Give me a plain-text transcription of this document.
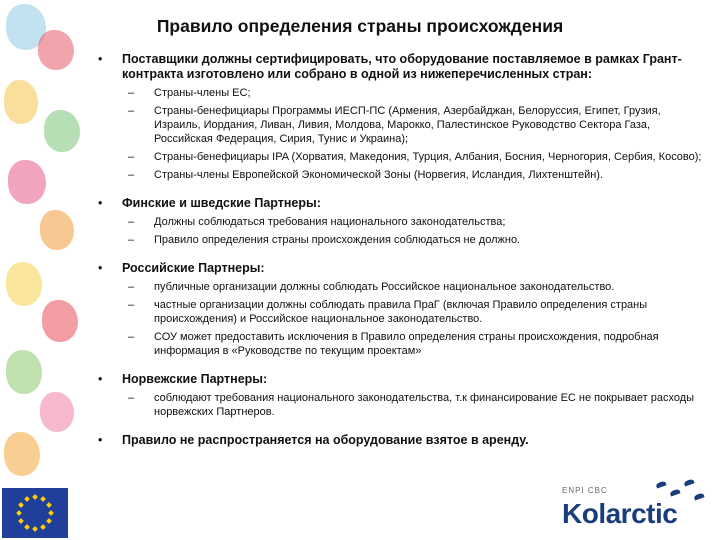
Правило определения страны происхождения
• Поставщики должны сертифицировать, что оборудование поставляемое в рамках Грант-контракта изготовлено или собрано в одной из нижеперечисленных стран:
– Страны-члены ЕС;
– Страны-бенефициары Программы ИЕСП-ПС (Армения, Азербайджан, Белоруссия, Египет, Грузия, Израиль, Иордания, Ливан, Ливия, Молдова, Марокко, Палестинское Руководство Сектора Газа, Российская Федерация, Сирия, Тунис и Украина);
– Страны-бенефициары IPA (Хорватия, Македония, Турция, Албания, Босния, Черногория, Сербия, Косово);
– Страны-члены Европейской Экономической Зоны (Норвегия, Исландия, Лихтенштейн).
• Финские и шведские Партнеры:
– Должны соблюдаться требования национального законодательства;
– Правило определения страны происхождения соблюдаться не должно.
• Российские Партнеры:
– публичные организации должны соблюдать Российское национальное законодательство.
– частные организации должны соблюдать правила ПраГ (включая Правило определения страны происхождения) и Российское национальное законодательство.
– СОУ может предоставить исключения в Правило определения страны происхождения, подробная информация в «Руководстве по текущим проектам»
• Норвежские Партнеры:
– соблюдают требования национального законодательства, т.к финансирование ЕС не покрывает расходы норвежских Партнеров.
• Правило не распространяется на оборудование взятое в аренду.
ENPI CBC
Kolarctic
